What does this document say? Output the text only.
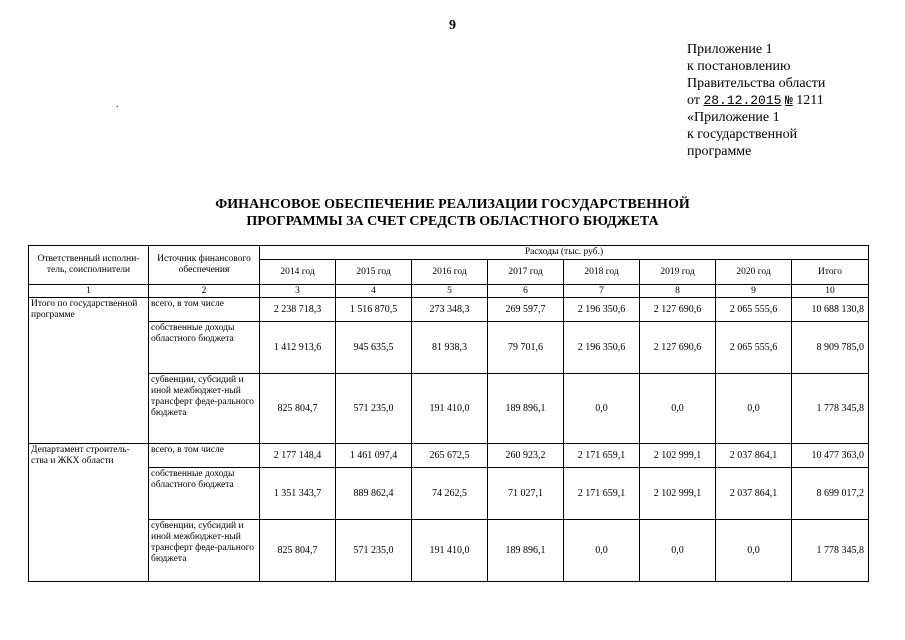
9
Приложение 1
к постановлению
Правительства области
от 28.12.2015 № 1211
«Приложение 1
к государственной
программе
.
ФИНАНСОВОЕ ОБЕСПЕЧЕНИЕ РЕАЛИЗАЦИИ ГОСУДАРСТВЕННОЙ
ПРОГРАММЫ ЗА СЧЕТ СРЕДСТВ ОБЛАСТНОГО БЮДЖЕТА
Ответственный исполни-тель, соисполнители	Источник финансового обеспечения	Расходы (тыс. руб.)							
		2014 год	2015 год	2016 год	2017 год	2018 год	2019 год	2020 год	Итого
1	2	3	4	5	6	7	8	9	10
Итого по государственной программе	всего, в том числе	2 238 718,3	1 516 870,5	273 348,3	269 597,7	2 196 350,6	2 127 690,6	2 065 555,6	10 688 130,8
	собственные доходы областного бюджета	1 412 913,6	945 635,5	81 938,3	79 701,6	2 196 350,6	2 127 690,6	2 065 555,6	8 909 785,0
	субвенции, субсидий и иной межбюджет-ный трансферт феде-рального бюджета	825 804,7	571 235,0	191 410,0	189 896,1	0,0	0,0	0,0	1 778 345,8
Департамент строитель-ства и ЖКХ области	всего, в том числе	2 177 148,4	1 461 097,4	265 672,5	260 923,2	2 171 659,1	2 102 999,1	2 037 864,1	10 477 363,0
	собственные доходы областного бюджета	1 351 343,7	889 862,4	74 262,5	71 027,1	2 171 659,1	2 102 999,1	2 037 864,1	8 699 017,2
	субвенции, субсидий и иной межбюджет-ный трансферт феде-рального бюджета	825 804,7	571 235,0	191 410,0	189 896,1	0,0	0,0	0,0	1 778 345,8
